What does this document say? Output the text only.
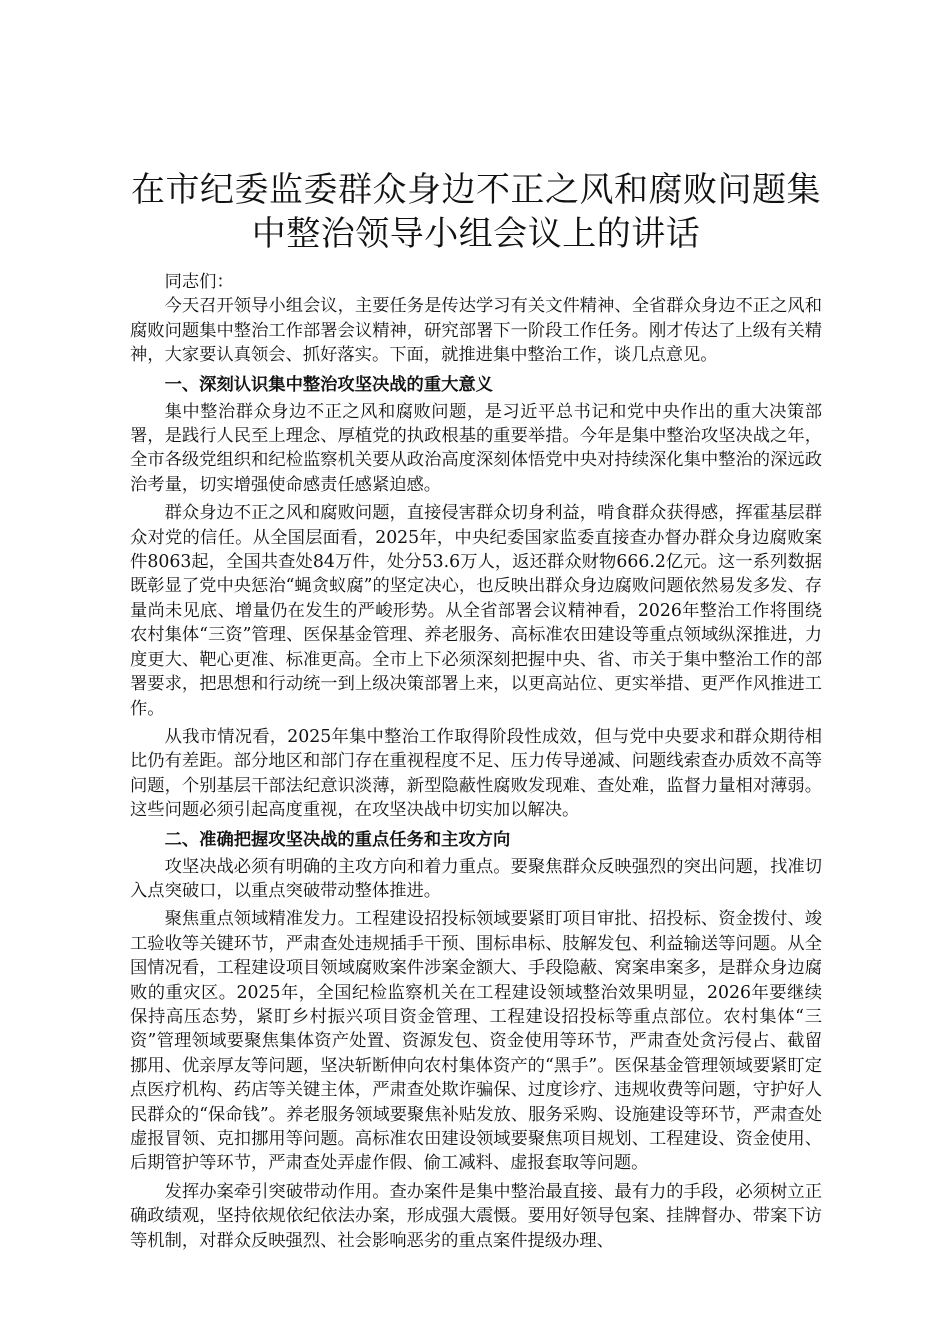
在市纪委监委群众身边不正之风和腐败问题集中整治领导小组会议上的讲话

同志们：

今天召开领导小组会议，主要任务是传达学习有关文件精神、全省群众身边不正之风和腐败问题集中整治工作部署会议精神，研究部署下一阶段工作任务。刚才传达了上级有关精神，大家要认真领会、抓好落实。下面，就推进集中整治工作，谈几点意见。

一、深刻认识集中整治攻坚决战的重大意义

集中整治群众身边不正之风和腐败问题，是习近平总书记和党中央作出的重大决策部署，是践行人民至上理念、厚植党的执政根基的重要举措。今年是集中整治攻坚决战之年，全市各级党组织和纪检监察机关要从政治高度深刻体悟党中央对持续深化集中整治的深远政治考量，切实增强使命感责任感紧迫感。

群众身边不正之风和腐败问题，直接侵害群众切身利益，啃食群众获得感，挥霍基层群众对党的信任。从全国层面看，2025年，中央纪委国家监委直接查办督办群众身边腐败案件8063起，全国共查处84万件，处分53.6万人，返还群众财物666.2亿元。这一系列数据既彰显了党中央惩治“蝇贪蚁腐”的坚定决心，也反映出群众身边腐败问题依然易发多发、存量尚未见底、增量仍在发生的严峻形势。从全省部署会议精神看，2026年整治工作将围绕农村集体“三资”管理、医保基金管理、养老服务、高标准农田建设等重点领域纵深推进，力度更大、靶心更准、标准更高。全市上下必须深刻把握中央、省、市关于集中整治工作的部署要求，把思想和行动统一到上级决策部署上来，以更高站位、更实举措、更严作风推进工作。

从我市情况看，2025年集中整治工作取得阶段性成效，但与党中央要求和群众期待相比仍有差距。部分地区和部门存在重视程度不足、压力传导递减、问题线索查办质效不高等问题，个别基层干部法纪意识淡薄，新型隐蔽性腐败发现难、查处难，监督力量相对薄弱。这些问题必须引起高度重视，在攻坚决战中切实加以解决。

二、准确把握攻坚决战的重点任务和主攻方向

攻坚决战必须有明确的主攻方向和着力重点。要聚焦群众反映强烈的突出问题，找准切入点突破口，以重点突破带动整体推进。

聚焦重点领域精准发力。工程建设招投标领域要紧盯项目审批、招投标、资金拨付、竣工验收等关键环节，严肃查处违规插手干预、围标串标、肢解发包、利益输送等问题。从全国情况看，工程建设项目领域腐败案件涉案金额大、手段隐蔽、窝案串案多，是群众身边腐败的重灾区。2025年，全国纪检监察机关在工程建设领域整治效果明显，2026年要继续保持高压态势，紧盯乡村振兴项目资金管理、工程建设招投标等重点部位。农村集体“三资”管理领域要聚焦集体资产处置、资源发包、资金使用等环节，严肃查处贪污侵占、截留挪用、优亲厚友等问题，坚决斩断伸向农村集体资产的“黑手”。医保基金管理领域要紧盯定点医疗机构、药店等关键主体，严肃查处欺诈骗保、过度诊疗、违规收费等问题，守护好人民群众的“保命钱”。养老服务领域要聚焦补贴发放、服务采购、设施建设等环节，严肃查处虚报冒领、克扣挪用等问题。高标准农田建设领域要聚焦项目规划、工程建设、资金使用、后期管护等环节，严肃查处弄虚作假、偷工减料、虚报套取等问题。

发挥办案牵引突破带动作用。查办案件是集中整治最直接、最有力的手段，必须树立正确政绩观，坚持依规依纪依法办案，形成强大震慑。要用好领导包案、挂牌督办、带案下访等机制，对群众反映强烈、社会影响恶劣的重点案件提级办理、
